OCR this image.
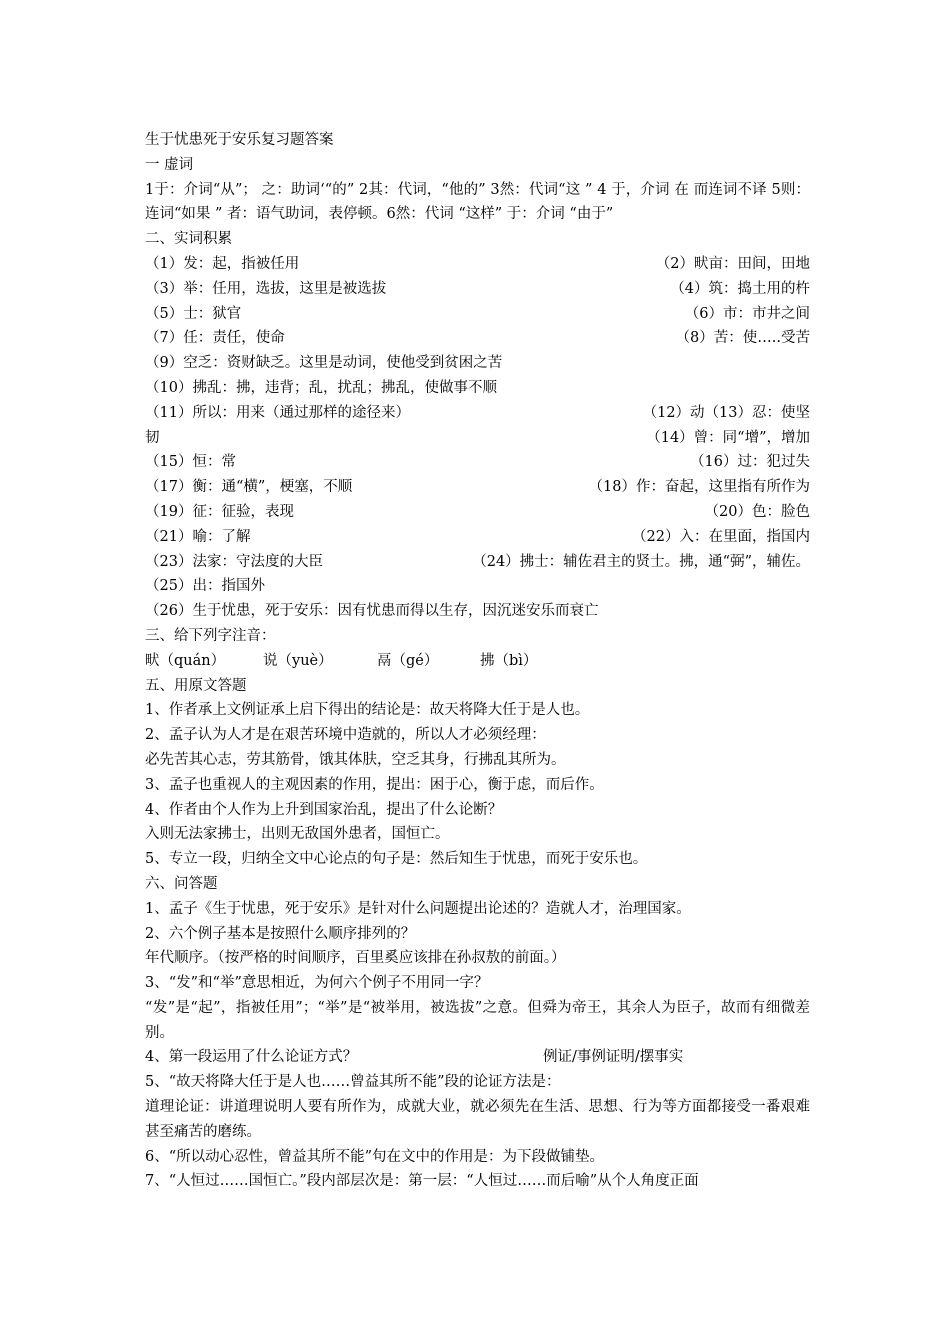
生于忧患死于安乐复习题答案
一 虚词
1于：介词“从”； 之：助词‘“的” 2其：代词，“他的” 3然：代词“这 ” 4 于，介词 在 而连词不译 5则：连词“如果 ” 者：语气助词，表停顿。6然：代词 “这样” 于：介词 “由于”
二、实词积累
（1）发：起，指被任用	（2）畎亩：田间，田地
（3）举：任用，选拔，这里是被选拔	（4）筑：捣土用的杵
（5）士：狱官	（6）市：市井之间
（7）任：责任，使命	（8）苦：使…..受苦
（9）空乏：资财缺乏。这里是动词，使他受到贫困之苦
（10）拂乱：拂，违背；乱，扰乱；拂乱，使做事不顺
（11）所以：用来（通过那样的途径来）	（12）动（13）忍：使坚
韧	（14）曾：同“增”，增加
（15）恒：常	（16）过：犯过失
（17）衡：通“横”，梗塞，不顺	（18）作：奋起，这里指有所作为
（19）征：征验，表现	（20）色：脸色
（21）喻：了解	（22）入：在里面，指国内
（23）法家：守法度的大臣	（24）拂士：辅佐君主的贤士。拂，通“弼”，辅佐。
（25）出：指国外
（26）生于忧患，死于安乐：因有忧患而得以生存，因沉迷安乐而衰亡
三、给下列字注音：
畎（quán）	说（yuè）	鬲（gé）	拂（bì）
五、用原文答题
1、作者承上文例证承上启下得出的结论是：故天将降大任于是人也。
2、孟子认为人才是在艰苦环境中造就的，所以人才必须经理：
必先苦其心志，劳其筋骨，饿其体肤，空乏其身，行拂乱其所为。
3、孟子也重视人的主观因素的作用，提出：困于心，衡于虑，而后作。
4、作者由个人作为上升到国家治乱，提出了什么论断？
入则无法家拂士，出则无敌国外患者，国恒亡。
5、专立一段，归纳全文中心论点的句子是：然后知生于忧患，而死于安乐也。
六、问答题
1、孟子《生于忧患，死于安乐》是针对什么问题提出论述的？造就人才，治理国家。
2、六个例子基本是按照什么顺序排列的？
年代顺序。（按严格的时间顺序，百里奚应该排在孙叔敖的前面。）
3、“发”和“举”意思相近，为何六个例子不用同一字？
“发”是“起”，指被任用”；“举”是“被举用，被选拔”之意。但舜为帝王，其余人为臣子，故而有细微差别。
4、第一段运用了什么论证方式？	例证/事例证明/摆事实
5、“故天将降大任于是人也……曾益其所不能”段的论证方法是：
道理论证：讲道理说明人要有所作为，成就大业，就必须先在生活、思想、行为等方面都接受一番艰难甚至痛苦的磨练。
6、“所以动心忍性，曾益其所不能”句在文中的作用是：为下段做铺垫。
7、“人恒过……国恒亡。”段内部层次是：第一层：“人恒过……而后喻”从个人角度正面
